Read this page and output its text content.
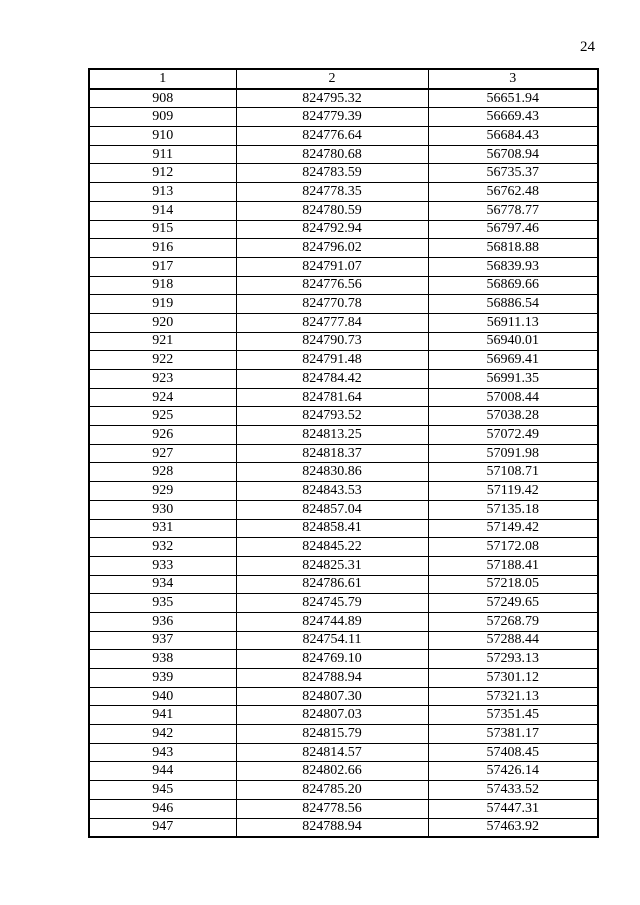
24
1	2	3
908	824795.32	56651.94
909	824779.39	56669.43
910	824776.64	56684.43
911	824780.68	56708.94
912	824783.59	56735.37
913	824778.35	56762.48
914	824780.59	56778.77
915	824792.94	56797.46
916	824796.02	56818.88
917	824791.07	56839.93
918	824776.56	56869.66
919	824770.78	56886.54
920	824777.84	56911.13
921	824790.73	56940.01
922	824791.48	56969.41
923	824784.42	56991.35
924	824781.64	57008.44
925	824793.52	57038.28
926	824813.25	57072.49
927	824818.37	57091.98
928	824830.86	57108.71
929	824843.53	57119.42
930	824857.04	57135.18
931	824858.41	57149.42
932	824845.22	57172.08
933	824825.31	57188.41
934	824786.61	57218.05
935	824745.79	57249.65
936	824744.89	57268.79
937	824754.11	57288.44
938	824769.10	57293.13
939	824788.94	57301.12
940	824807.30	57321.13
941	824807.03	57351.45
942	824815.79	57381.17
943	824814.57	57408.45
944	824802.66	57426.14
945	824785.20	57433.52
946	824778.56	57447.31
947	824788.94	57463.92
